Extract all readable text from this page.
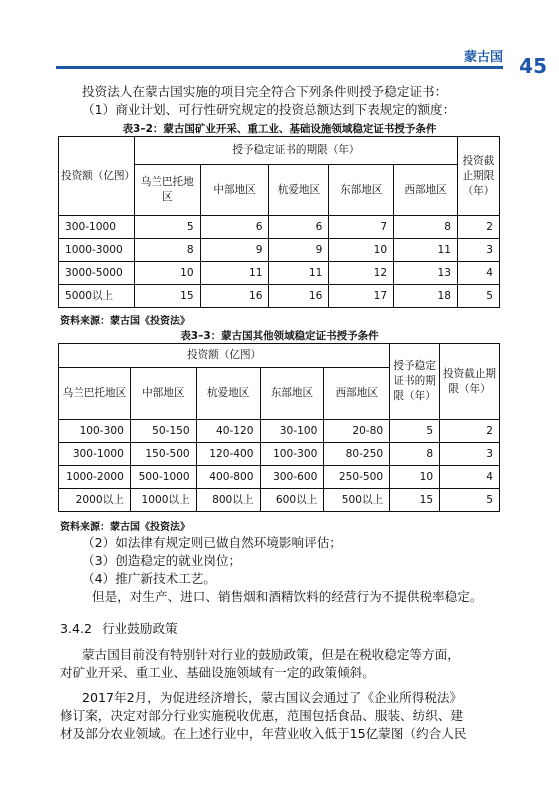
蒙古国 45
投资法人在蒙古国实施的项目完全符合下列条件则授予稳定证书：
（1）商业计划、可行性研究规定的投资总额达到下表规定的额度：
表3–2：蒙古国矿业开采、重工业、基础设施领域稳定证书授予条件
投资额（亿图）	授予稳定证书的期限（年）					投资截止期限（年）
	乌兰巴托地区	中部地区	杭爱地区	东部地区	西部地区	
300-1000	5	6	6	7	8	2
1000-3000	8	9	9	10	11	3
3000-5000	10	11	11	12	13	4
5000以上	15	16	16	17	18	5
资料来源：蒙古国《投资法》
表3–3：蒙古国其他领域稳定证书授予条件
投资额（亿图）					授予稳定证书的期限（年）	投资截止期限（年）
乌兰巴托地区	中部地区	杭爱地区	东部地区	西部地区		
100-300	50-150	40-120	30-100	20-80	5	2
300-1000	150-500	120-400	100-300	80-250	8	3
1000-2000	500-1000	400-800	300-600	250-500	10	4
2000以上	1000以上	800以上	600以上	500以上	15	5
资料来源：蒙古国《投资法》
（2）如法律有规定则已做自然环境影响评估；
（3）创造稳定的就业岗位；
（4）推广新技术工艺。
但是，对生产、进口、销售烟和酒精饮料的经营行为不提供税率稳定。
3.4.2 行业鼓励政策
蒙古国目前没有特别针对行业的鼓励政策，但是在税收稳定等方面，
对矿业开采、重工业、基础设施领域有一定的政策倾斜。
2017年2月，为促进经济增长，蒙古国议会通过了《企业所得税法》
修订案，决定对部分行业实施税收优惠，范围包括食品、服装、纺织、建
材及部分农业领域。在上述行业中，年营业收入低于15亿蒙图（约合人民
